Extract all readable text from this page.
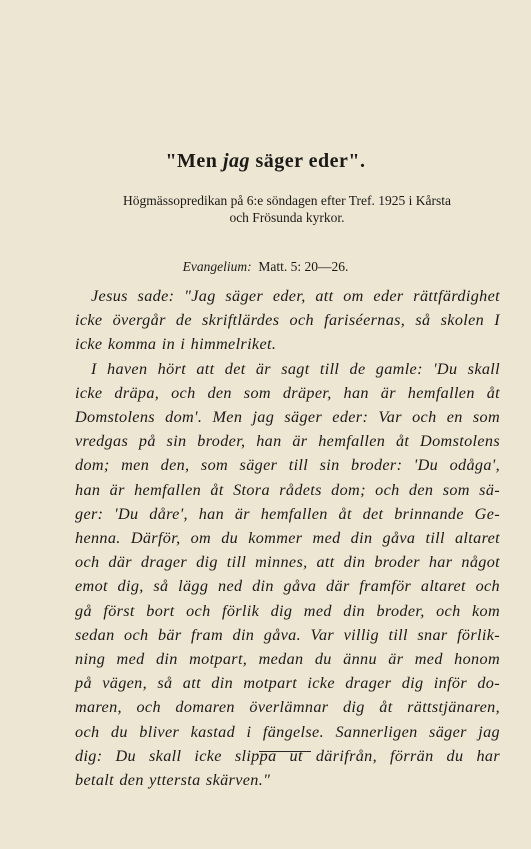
"Men jag säger eder".
Högmässopredikan på 6:e söndagen efter Tref. 1925 i Kårsta
och Frösunda kyrkor.
Evangelium: Matt. 5: 20—26.
Jesus sade: "Jag säger eder, att om eder rättfärdighet
icke övergår de skriftlärdes och fariséernas, så skolen I
icke komma in i himmelriket.
I haven hört att det är sagt till de gamle: 'Du skall
icke dräpa, och den som dräper, han är hemfallen åt
Domstolens dom'. Men jag säger eder: Var och en som
vredgas på sin broder, han är hemfallen åt Domstolens
dom; men den, som säger till sin broder: 'Du odåga',
han är hemfallen åt Stora rådets dom; och den som sä-
ger: 'Du dåre', han är hemfallen åt det brinnande Ge-
henna. Därför, om du kommer med din gåva till altaret
och där drager dig till minnes, att din broder har något
emot dig, så lägg ned din gåva där framför altaret och
gå först bort och förlik dig med din broder, och kom
sedan och bär fram din gåva. Var villig till snar förlik-
ning med din motpart, medan du ännu är med honom
på vägen, så att din motpart icke drager dig inför do-
maren, och domaren överlämnar dig åt rättstjänaren,
och du bliver kastad i fängelse. Sannerligen säger jag
dig: Du skall icke slippa ut därifrån, förrän du har
betalt den yttersta skärven."
